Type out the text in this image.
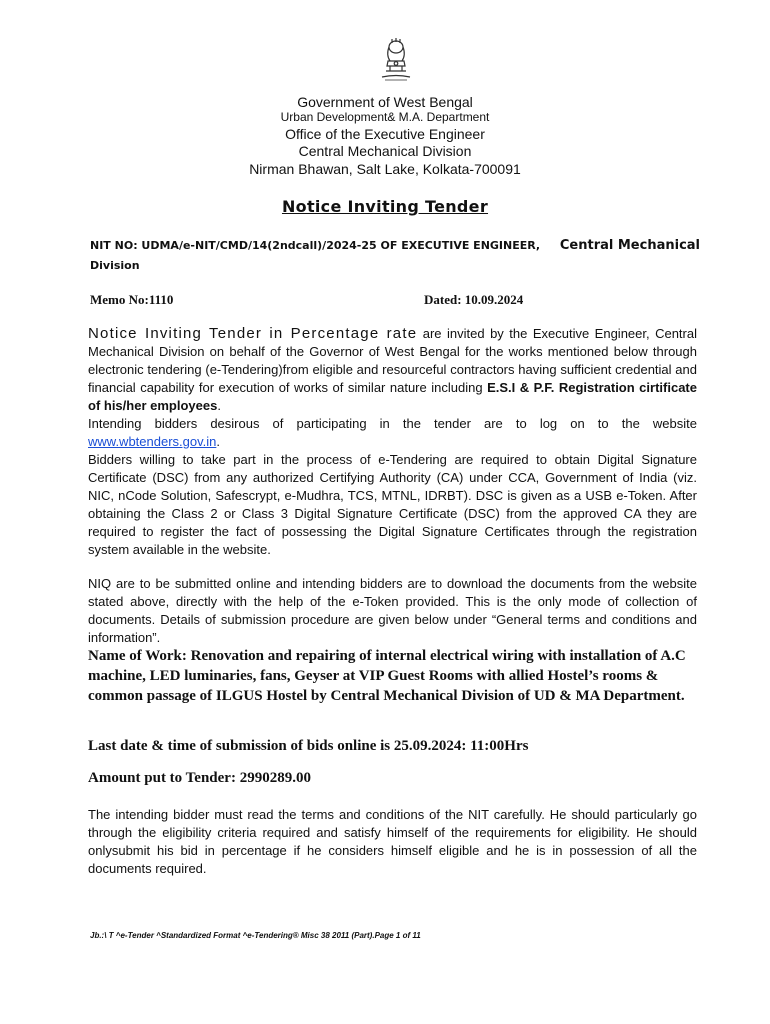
Government of West Bengal
Urban Development& M.A. Department
Office of the Executive Engineer
Central Mechanical Division
Nirman Bhawan, Salt Lake, Kolkata-700091
Notice Inviting Tender
NIT NO: UDMA/e-NIT/CMD/14(2ndcall)/2024-25 OF EXECUTIVE ENGINEER, Central Mechanical
Division
Memo No:1110	Dated: 10.09.2024
Notice Inviting Tender in Percentage rate are invited by the Executive Engineer, Central Mechanical Division on behalf of the Governor of West Bengal for the works mentioned below through electronic tendering (e-Tendering)from eligible and resourceful contractors having sufficient credential and financial capability for execution of works of similar nature including E.S.I & P.F. Registration cirtificate of his/her employees.
Intending bidders desirous of participating in the tender are to log on to the website www.wbtenders.gov.in.
Bidders willing to take part in the process of e-Tendering are required to obtain Digital Signature Certificate (DSC) from any authorized Certifying Authority (CA) under CCA, Government of India (viz. NIC, nCode Solution, Safescrypt, e-Mudhra, TCS, MTNL, IDRBT). DSC is given as a USB e-Token. After obtaining the Class 2 or Class 3 Digital Signature Certificate (DSC) from the approved CA they are required to register the fact of possessing the Digital Signature Certificates through the registration system available in the website.
NIQ are to be submitted online and intending bidders are to download the documents from the website stated above, directly with the help of the e-Token provided. This is the only mode of collection of documents. Details of submission procedure are given below under “General terms and conditions and information”.
Name of Work: Renovation and repairing of internal electrical wiring with installation of A.C machine, LED luminaries, fans, Geyser at VIP Guest Rooms with allied Hostel’s rooms & common passage of ILGUS Hostel by Central Mechanical Division of UD & MA Department.
Last date & time of submission of bids online is 25.09.2024: 11:00Hrs
Amount put to Tender: 2990289.00
The intending bidder must read the terms and conditions of the NIT carefully. He should particularly go through the eligibility criteria required and satisfy himself of the requirements for eligibility. He should onlysubmit his bid in percentage if he considers himself eligible and he is in possession of all the documents required.
Jb.:\ T ^e-Tender ^Standardized Format ^e-Tendering® Misc 38 2011 (Part).Page 1 of 11
